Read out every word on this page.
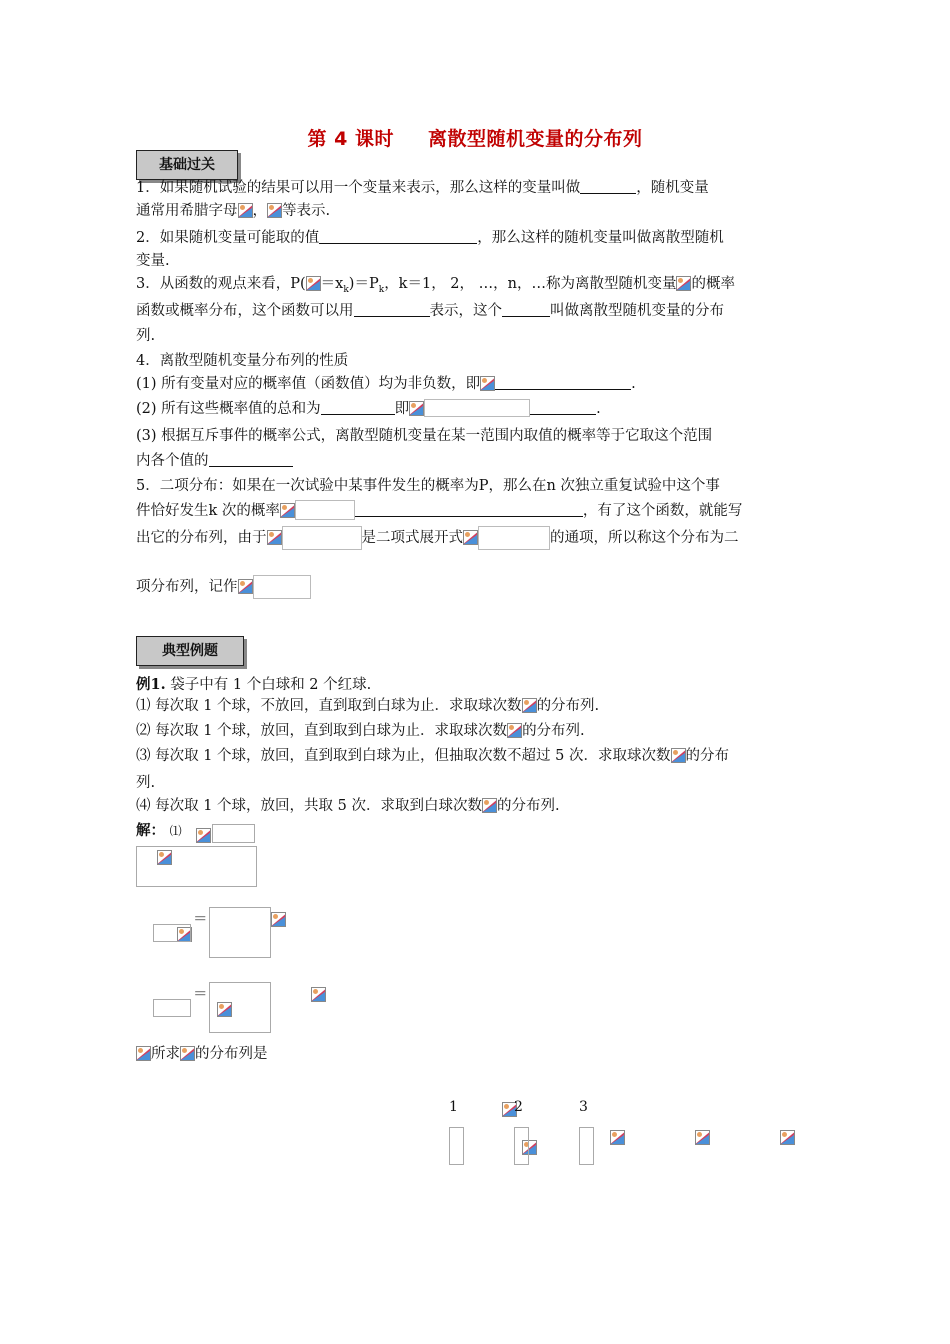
第 4 课时 离散型随机变量的分布列
基础过关
1．如果随机试验的结果可以用一个变量来表示，那么这样的变量叫做	，随机变量
通常用希腊字母 ， 等表示.
2．如果随机变量可能取的值	，那么这样的随机变量叫做离散型随机
变量.
3．从函数的观点来看，$P( =x_k)=P_k$，k＝1， 2， …，n，…称为离散型随机变量 的概率
函数或概率分布，这个函数可以用	表示，这个	叫做离散型随机变量的分布
列.
4．离散型随机变量分布列的性质
(1) 所有变量对应的概率值（函数值）均为非负数，即	.
(2) 所有这些概率值的总和为	即	.
(3) 根据互斥事件的概率公式，离散型随机变量在某一范围内取值的概率等于它取这个范围
内各个值的
5．二项分布：如果在一次试验中某事件发生的概率为P，那么在n 次独立重复试验中这个事
件恰好发生k 次的概率	，有了这个函数，就能写
出它的分布列，由于	是二项式展开式	的通项，所以称这个分布为二
项分布列，记作
典型例题
例1. 袋子中有 1 个白球和 2 个红球.
⑴ 每次取 1 个球，不放回，直到取到白球为止．求取球次数 的分布列.
⑵ 每次取 1 个球，放回，直到取到白球为止．求取球次数 的分布列.
⑶ 每次取 1 个球，放回，直到取到白球为止，但抽取次数不超过 5 次．求取球次数 的分布
列.
⑷ 每次取 1 个球，放回，共取 5 次．求取到白球次数 的分布列.
解： ⑴

＝

＝

所求 的分布列是

1	2	3
